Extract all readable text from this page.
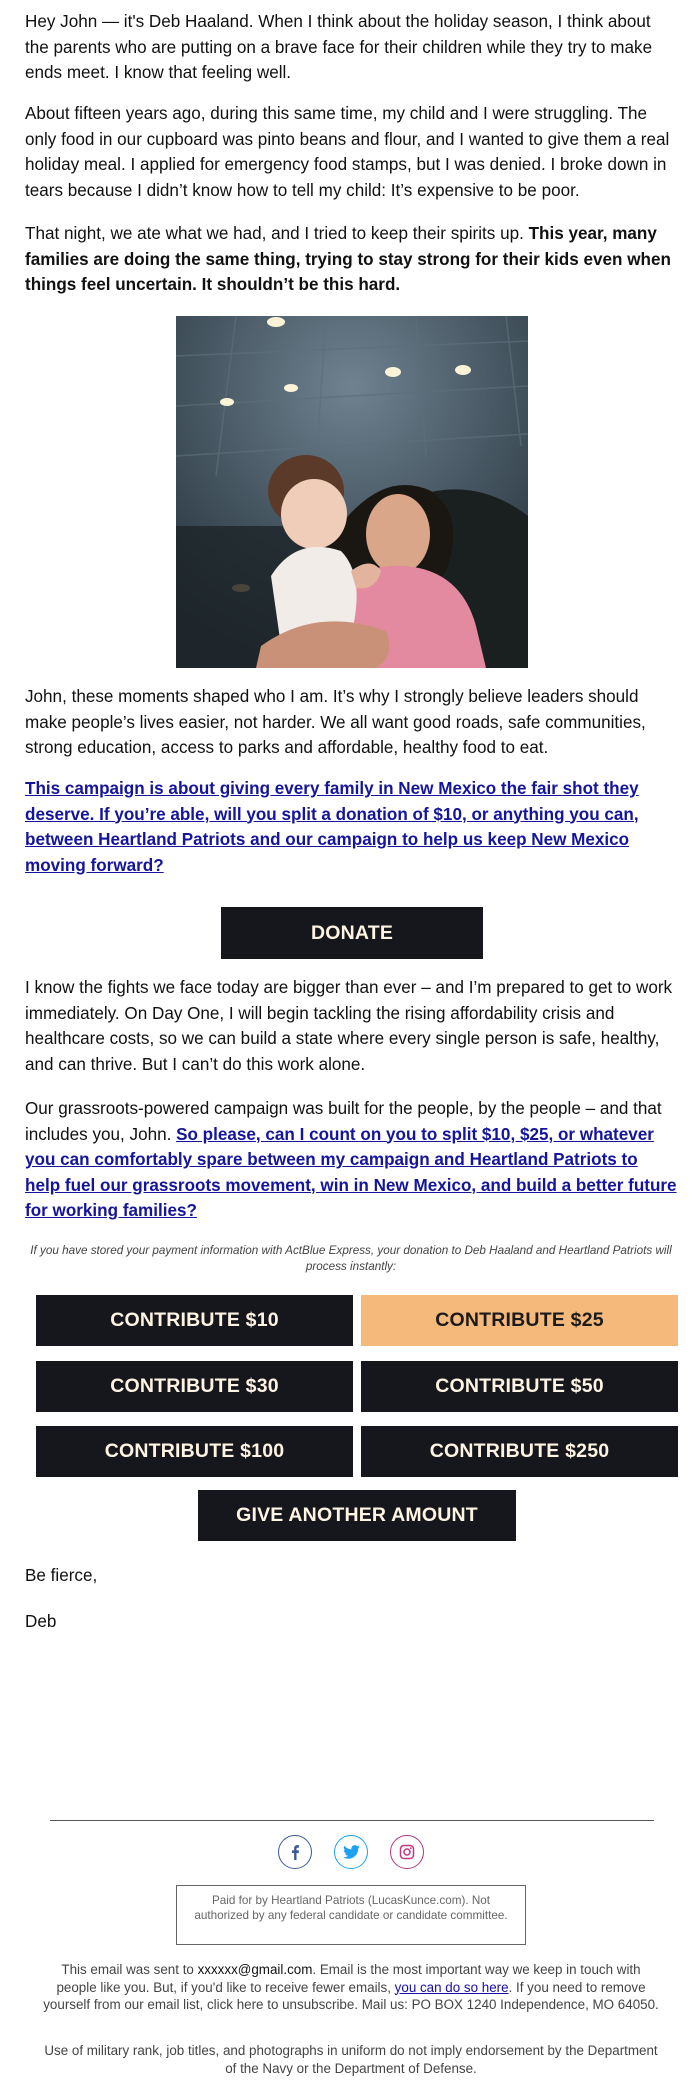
Hey John — it's Deb Haaland. When I think about the holiday season, I think about the parents who are putting on a brave face for their children while they try to make ends meet. I know that feeling well.

About fifteen years ago, during this same time, my child and I were struggling. The only food in our cupboard was pinto beans and flour, and I wanted to give them a real holiday meal. I applied for emergency food stamps, but I was denied. I broke down in tears because I didn’t know how to tell my child: It’s expensive to be poor.

That night, we ate what we had, and I tried to keep their spirits up. This year, many families are doing the same thing, trying to stay strong for their kids even when things feel uncertain. It shouldn’t be this hard.

John, these moments shaped who I am. It’s why I strongly believe leaders should make people’s lives easier, not harder. We all want good roads, safe communities, strong education, access to parks and affordable, healthy food to eat.

This campaign is about giving every family in New Mexico the fair shot they deserve. If you’re able, will you split a donation of $10, or anything you can, between Heartland Patriots and our campaign to help us keep New Mexico moving forward?

DONATE

I know the fights we face today are bigger than ever – and I’m prepared to get to work immediately. On Day One, I will begin tackling the rising affordability crisis and healthcare costs, so we can build a state where every single person is safe, healthy, and can thrive. But I can’t do this work alone.

Our grassroots-powered campaign was built for the people, by the people – and that includes you, John. So please, can I count on you to split $10, $25, or whatever you can comfortably spare between my campaign and Heartland Patriots to help fuel our grassroots movement, win in New Mexico, and build a better future for working families?

If you have stored your payment information with ActBlue Express, your donation to Deb Haaland and Heartland Patriots will process instantly:
CONTRIBUTE $10	CONTRIBUTE $25
CONTRIBUTE $30	CONTRIBUTE $50
CONTRIBUTE $100	CONTRIBUTE $250
GIVE ANOTHER AMOUNT
Be fierce,
Deb
Paid for by Heartland Patriots (LucasKunce.com). Not authorized by any federal candidate or candidate committee.
This email was sent to xxxxxx@gmail.com. Email is the most important way we keep in touch with people like you. But, if you'd like to receive fewer emails, you can do so here. If you need to remove yourself from our email list, click here to unsubscribe. Mail us: PO BOX 1240 Independence, MO 64050.
Use of military rank, job titles, and photographs in uniform do not imply endorsement by the Department of the Navy or the Department of Defense.
